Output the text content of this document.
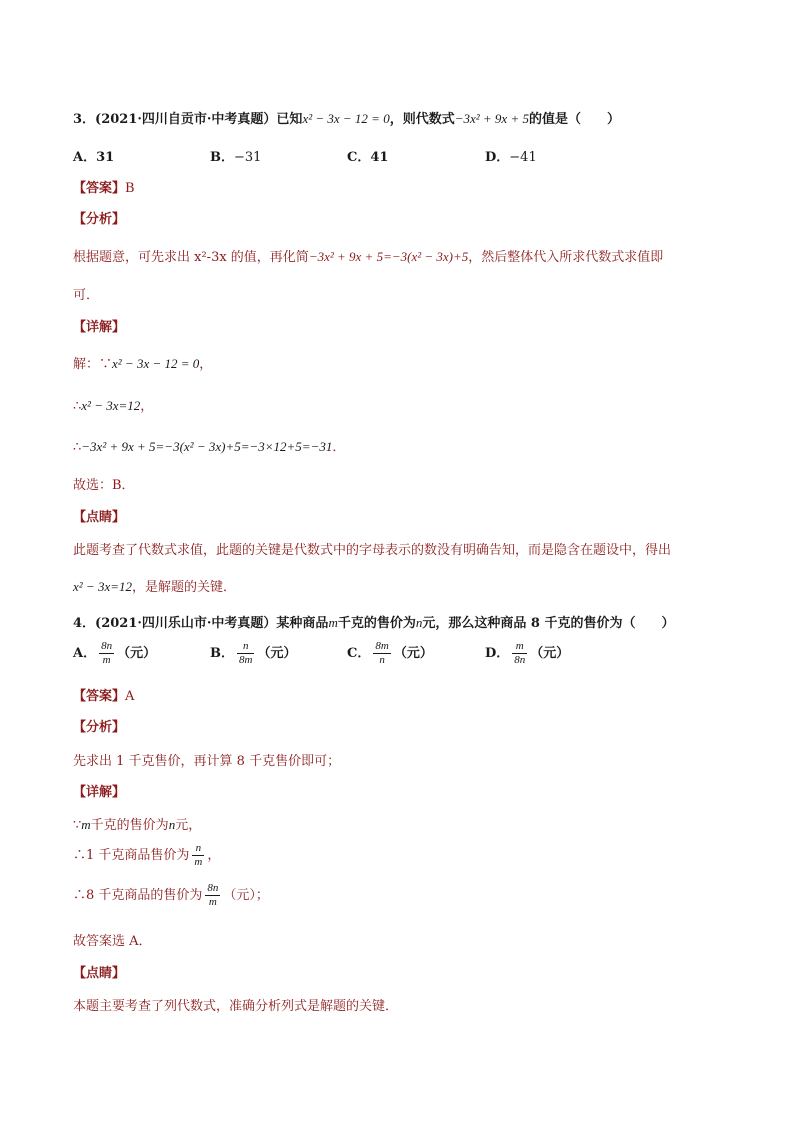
3．(2021·四川自贡市·中考真题）已知x² − 3x − 12 = 0，则代数式−3x² + 9x + 5的值是（　　）
A．31	B．−31	C．41	D．−41
【答案】B
【分析】
根据题意，可先求出 x²-3x 的值，再化简−3x² + 9x + 5=−3(x² − 3x)+5，然后整体代入所求代数式求值即
可．
【详解】
解：∵x² − 3x − 12 = 0，
∴x² − 3x=12，
∴−3x² + 9x + 5=−3(x² − 3x)+5=−3×12+5=−31．
故选：B．
【点睛】
此题考查了代数式求值，此题的关键是代数式中的字母表示的数没有明确告知，而是隐含在题设中，得出
x² − 3x=12，是解题的关键．
4．(2021·四川乐山市·中考真题）某种商品m千克的售价为n元，那么这种商品 8 千克的售价为（　　）
A． $\frac{8n}{m}$ （元）	B． $\frac{n}{8m}$ （元）	C． $\frac{8m}{n}$ （元）	D． $\frac{m}{8n}$ （元）
【答案】A
【分析】
先求出 1 千克售价，再计算 8 千克售价即可；
【详解】
∵m千克的售价为n元，
∴1 千克商品售价为 $\frac{n}{m}$ ，
∴8 千克商品的售价为 $\frac{8n}{m}$ （元）；
故答案选 A．
【点睛】
本题主要考查了列代数式，准确分析列式是解题的关键．
